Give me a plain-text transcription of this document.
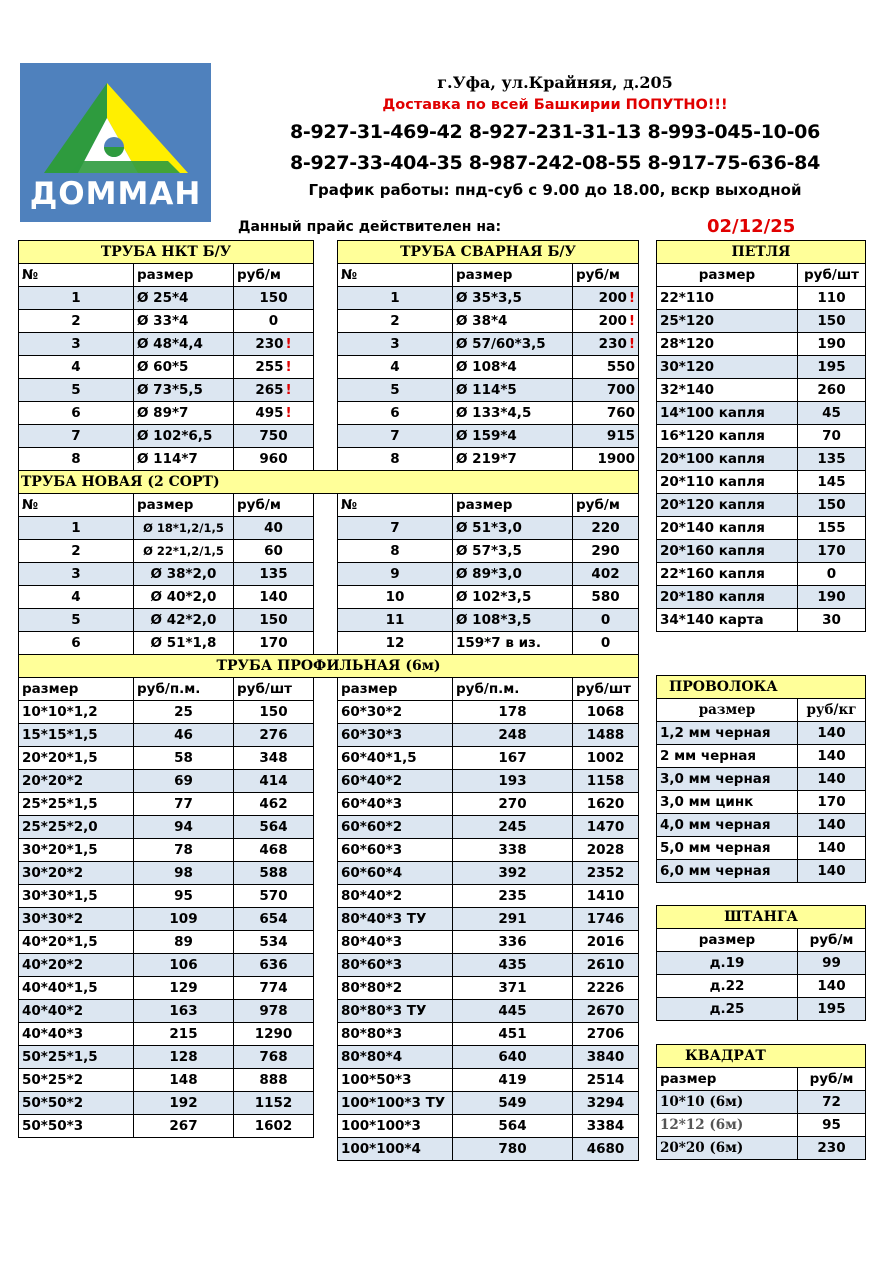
ДОММАН
г.Уфа, ул.Крайняя, д.205
Доставка по всей Башкирии ПОПУТНО!!!
8-927-31-469-42 8-927-231-31-13 8-993-045-10-06
8-927-33-404-35 8-987-242-08-55 8-917-75-636-84
График работы: пнд-суб с 9.00 до 18.00, вскр выходной
Данный прайс действителен на:	02/12/25
ТРУБА НКТ Б/У				ТРУБА СВАРНАЯ Б/У		
№	размер	руб/м		№	размер	руб/м
1	Ø 25*4	150		1	Ø 35*3,5	200 !
2	Ø 33*4	0		2	Ø 38*4	200 !
3	Ø 48*4,4	230 !		3	Ø 57/60*3,5	230 !
4	Ø 60*5	255 !		4	Ø 108*4	550
5	Ø 73*5,5	265 !		5	Ø 114*5	700
6	Ø 89*7	495 !		6	Ø 133*4,5	760
7	Ø 102*6,5	750		7	Ø 159*4	915
8	Ø 114*7	960		8	Ø 219*7	1900
ТРУБА НОВАЯ (2 СОРТ)						
№	размер	руб/м		№	размер	руб/м
1	Ø 18*1,2/1,5	40		7	Ø 51*3,0	220
2	Ø 22*1,2/1,5	60		8	Ø 57*3,5	290
3	Ø 38*2,0	135		9	Ø 89*3,0	402
4	Ø 40*2,0	140		10	Ø 102*3,5	580
5	Ø 42*2,0	150		11	Ø 108*3,5	0
6	Ø 51*1,8	170		12	159*7 в из.	0
ТРУБА ПРОФИЛЬНАЯ (6м)						
размер	руб/п.м.	руб/шт		размер	руб/п.м.	руб/шт
10*10*1,2	25	150		60*30*2	178	1068
15*15*1,5	46	276		60*30*3	248	1488
20*20*1,5	58	348		60*40*1,5	167	1002
20*20*2	69	414		60*40*2	193	1158
25*25*1,5	77	462		60*40*3	270	1620
25*25*2,0	94	564		60*60*2	245	1470
30*20*1,5	78	468		60*60*3	338	2028
30*20*2	98	588		60*60*4	392	2352
30*30*1,5	95	570		80*40*2	235	1410
30*30*2	109	654		80*40*3 ТУ	291	1746
40*20*1,5	89	534		80*40*3	336	2016
40*20*2	106	636		80*60*3	435	2610
40*40*1,5	129	774		80*80*2	371	2226
40*40*2	163	978		80*80*3 ТУ	445	2670
40*40*3	215	1290		80*80*3	451	2706
50*25*1,5	128	768		80*80*4	640	3840
50*25*2	148	888		100*50*3	419	2514
50*50*2	192	1152		100*100*3 ТУ	549	3294
50*50*3	267	1602		100*100*3	564	3384
				100*100*4	780	4680
ПЕТЛЯ	
размер	руб/шт
22*110	110
25*120	150
28*120	190
30*120	195
32*140	260
14*100 капля	45
16*120 капля	70
20*100 капля	135
20*110 капля	145
20*120 капля	150
20*140 капля	155
20*160 капля	170
22*160 капля	0
20*180 капля	190
34*140 карта	30
ПРОВОЛОКА	
размер	руб/кг
1,2 мм черная	140
2 мм черная	140
3,0 мм черная	140
3,0 мм цинк	170
4,0 мм черная	140
5,0 мм черная	140
6,0 мм черная	140
ШТАНГА	
размер	руб/м
д.19	99
д.22	140
д.25	195
КВАДРАТ	
размер	руб/м
10*10 (6м)	72
12*12 (6м)	95
20*20 (6м)	230
